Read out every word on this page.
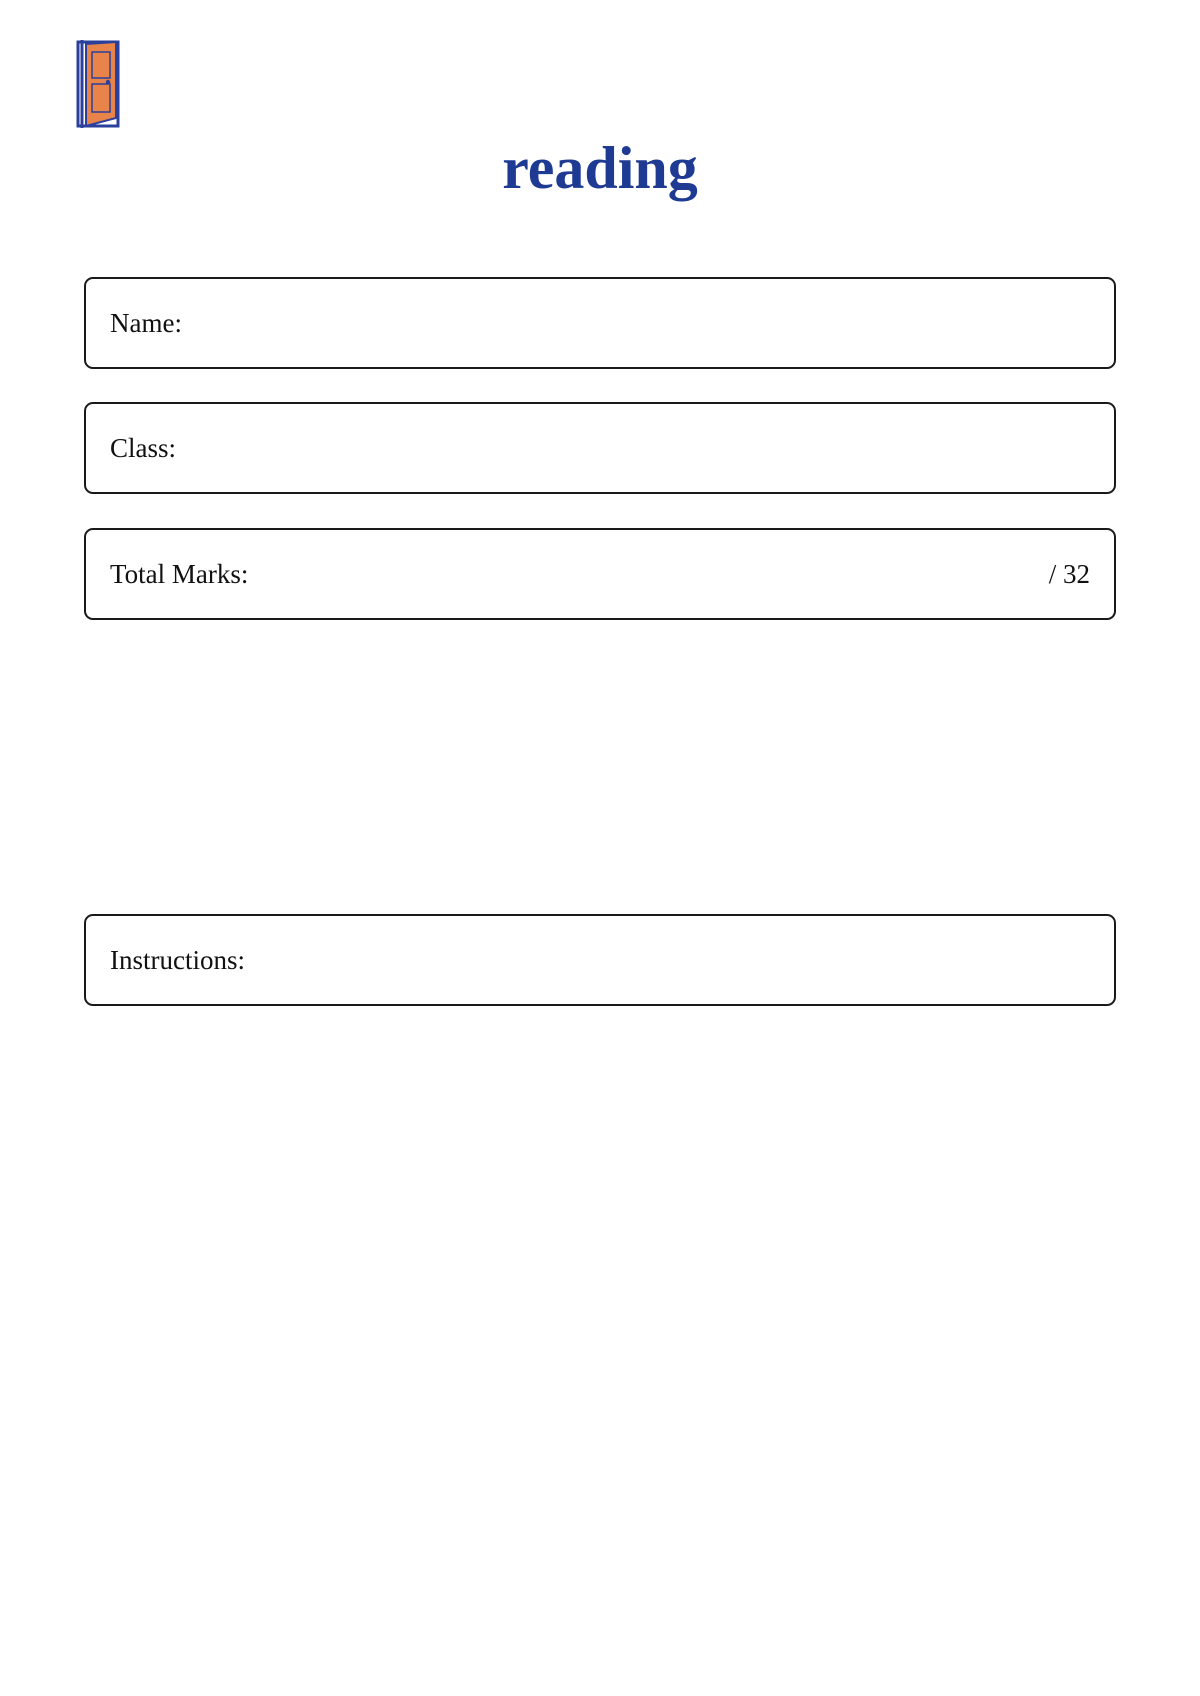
reading
Name:
Class:
Total Marks:	/ 32
Instructions:
